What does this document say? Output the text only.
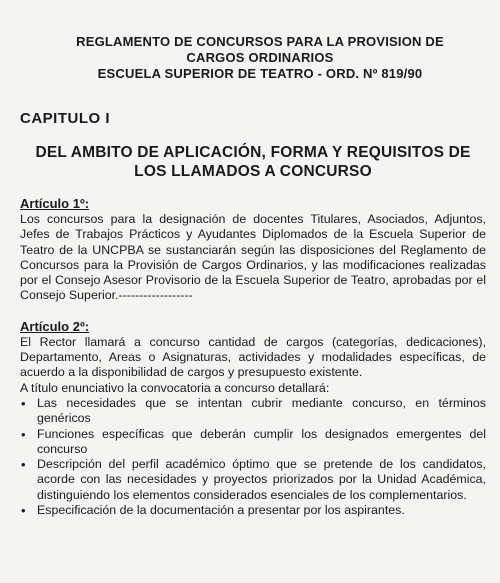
REGLAMENTO DE CONCURSOS PARA LA PROVISION DE
CARGOS ORDINARIOS
ESCUELA SUPERIOR DE TEATRO - ORD. Nº 819/90
CAPITULO I
DEL AMBITO DE APLICACIÓN, FORMA Y REQUISITOS DE
LOS LLAMADOS A CONCURSO
Artículo 1º:
Los concursos para la designación de docentes Titulares, Asociados, Adjuntos, Jefes de Trabajos Prácticos y Ayudantes Diplomados de la Escuela Superior de Teatro de la UNCPBA se sustanciarán según las disposiciones del Reglamento de Concursos para la Provisión de Cargos Ordinarios, y las modificaciones realizadas por el Consejo Asesor Provisorio de la Escuela Superior de Teatro, aprobadas por el Consejo Superior.------------------
Artículo 2º:
El Rector llamará a concurso cantidad de cargos (categorías, dedicaciones), Departamento, Areas o Asignaturas, actividades y modalidades específicas, de acuerdo a la disponibilidad de cargos y presupuesto existente.
A título enunciativo la convocatoria a concurso detallará:
• Las necesidades que se intentan cubrir mediante concurso, en términos genéricos
• Funciones específicas que deberán cumplir los designados emergentes del concurso
• Descripción del perfil académico óptimo que se pretende de los candidatos, acorde con las necesidades y proyectos priorizados por la Unidad Académica, distinguiendo los elementos considerados esenciales de los complementarios.
• Especificación de la documentación a presentar por los aspirantes.
